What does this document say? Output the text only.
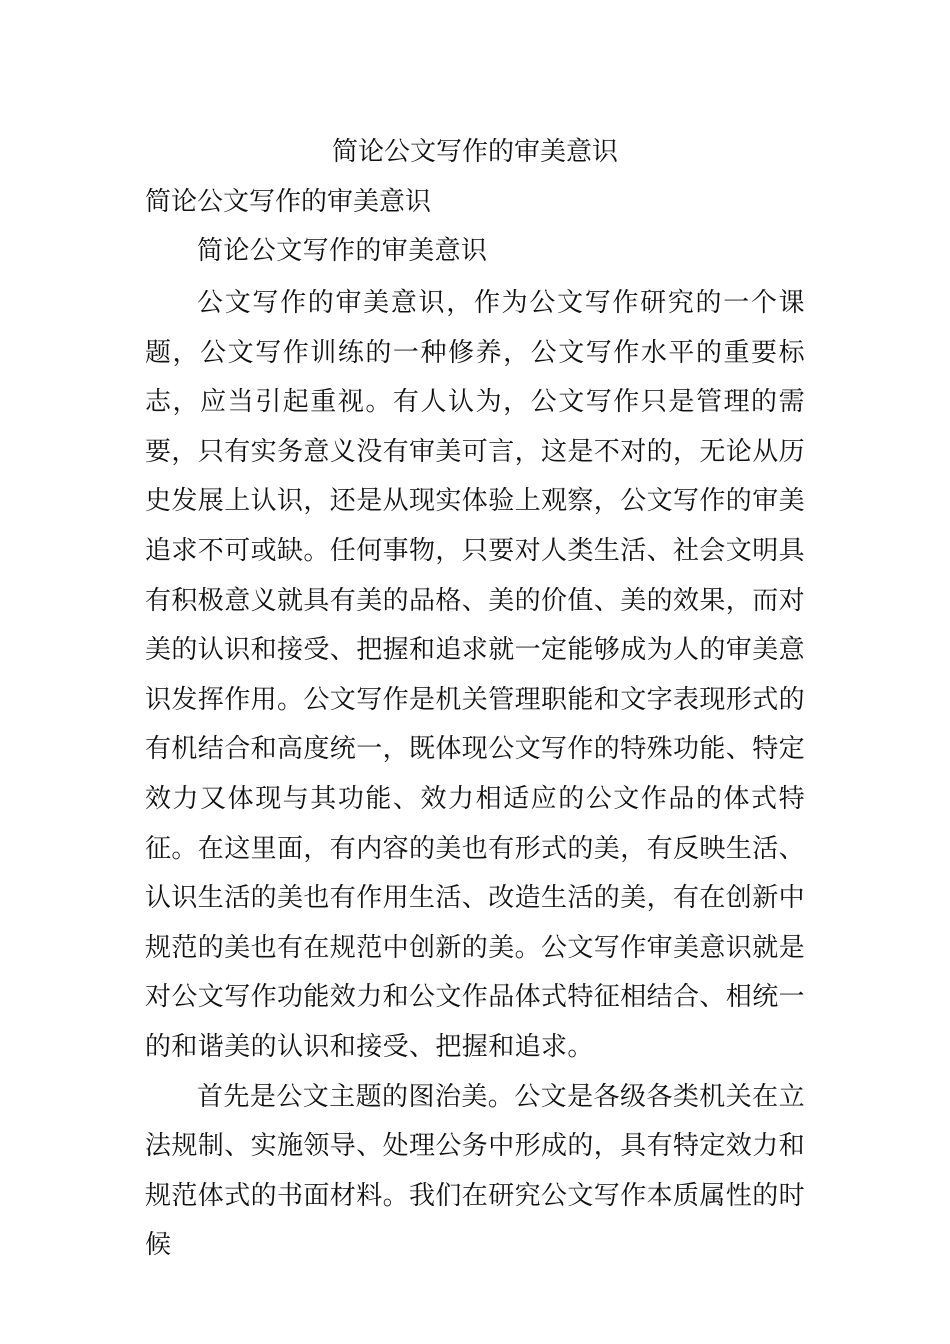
简论公文写作的审美意识
简论公文写作的审美意识

简论公文写作的审美意识

公文写作的审美意识，作为公文写作研究的一个课题，公文写作训练的一种修养，公文写作水平的重要标志，应当引起重视。有人认为，公文写作只是管理的需要，只有实务意义没有审美可言，这是不对的，无论从历史发展上认识，还是从现实体验上观察，公文写作的审美追求不可或缺。任何事物，只要对人类生活、社会文明具有积极意义就具有美的品格、美的价值、美的效果，而对美的认识和接受、把握和追求就一定能够成为人的审美意识发挥作用。公文写作是机关管理职能和文字表现形式的有机结合和高度统一，既体现公文写作的特殊功能、特定效力又体现与其功能、效力相适应的公文作品的体式特征。在这里面，有内容的美也有形式的美，有反映生活、认识生活的美也有作用生活、改造生活的美，有在创新中规范的美也有在规范中创新的美。公文写作审美意识就是对公文写作功能效力和公文作品体式特征相结合、相统一的和谐美的认识和接受、把握和追求。

首先是公文主题的图治美。公文是各级各类机关在立法规制、实施领导、处理公务中形成的，具有特定效力和规范体式的书面材料。我们在研究公文写作本质属性的时候
